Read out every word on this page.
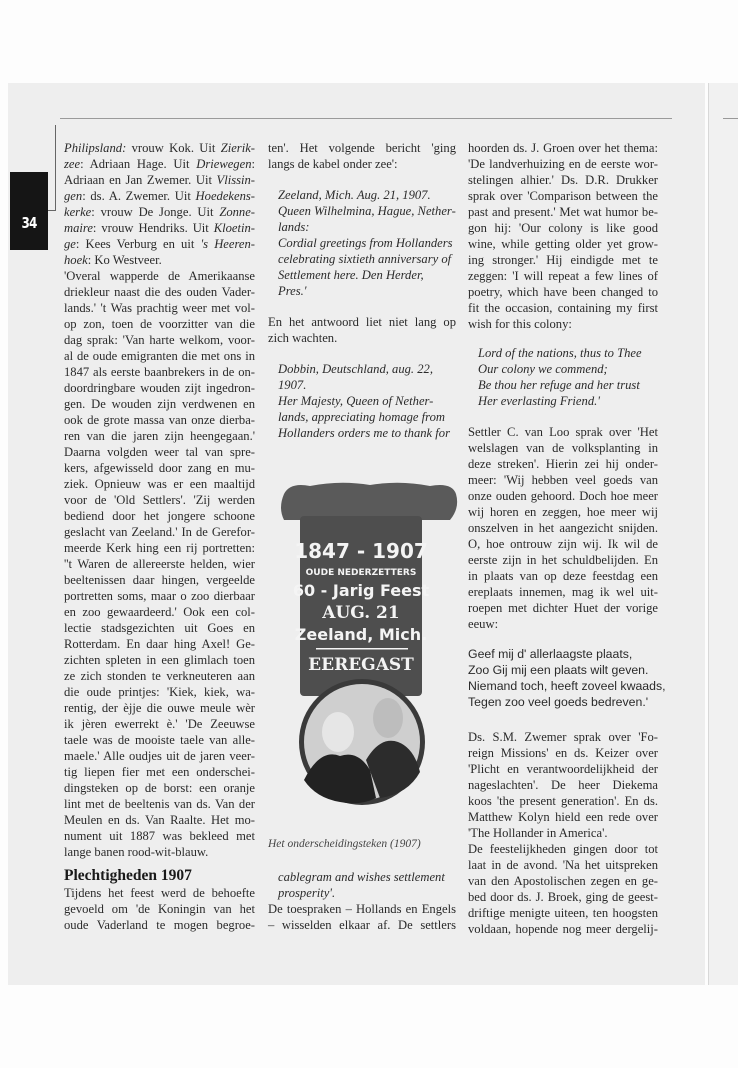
34
Philipsland: vrouw Kok. Uit Zierik-
zee: Adriaan Hage. Uit Driewegen:
Adriaan en Jan Zwemer. Uit Vlissin-
gen: ds. A. Zwemer. Uit Hoedekens-
kerke: vrouw De Jonge. Uit Zonne-
maire: vrouw Hendriks. Uit Kloetin-
ge: Kees Verburg en uit 's Heeren-
hoek: Ko Westveer.
'Overal wapperde de Amerikaanse
driekleur naast die des ouden Vader-
lands.' 't Was prachtig weer met vol-
op zon, toen de voorzitter van die
dag sprak: 'Van harte welkom, voor-
al de oude emigranten die met ons in
1847 als eerste baanbrekers in de on-
doordringbare wouden zijt ingedron-
gen. De wouden zijn verdwenen en
ook de grote massa van onze dierba-
ren van die jaren zijn heengegaan.'
Daarna volgden weer tal van spre-
kers, afgewisseld door zang en mu-
ziek. Opnieuw was er een maaltijd
voor de 'Old Settlers'. 'Zij werden
bediend door het jongere schoone
geslacht van Zeeland.' In de Gerefor-
meerde Kerk hing een rij portretten:
''t Waren de allereerste helden, wier
beeltenissen daar hingen, vergeelde
portretten soms, maar o zoo dierbaar
en zoo gewaardeerd.' Ook een col-
lectie stadsgezichten uit Goes en
Rotterdam. En daar hing Axel! Ge-
zichten spleten in een glimlach toen
ze zich stonden te verkneuteren aan
die oude printjes: 'Kiek, kiek, wa-
rentig, der èjje die ouwe meule wèr
ik jèren ewerrekt è.' 'De Zeeuwse
taele was de mooiste taele van alle-
maele.' Alle oudjes uit de jaren veer-
tig liepen fier met een onderschei-
dingsteken op de borst: een oranje
lint met de beeltenis van ds. Van der
Meulen en ds. Van Raalte. Het mo-
nument uit 1887 was bekleed met
lange banen rood-wit-blauw.
Plechtigheden 1907
Tijdens het feest werd de behoefte
gevoeld om 'de Koningin van het
oude Vaderland te mogen begroe-
ten'. Het volgende bericht 'ging
langs de kabel onder zee':
Zeeland, Mich. Aug. 21, 1907.
Queen Wilhelmina, Hague, Nether-
lands:
Cordial greetings from Hollanders
celebrating sixtieth anniversary of
Settlement here. Den Herder,
Pres.'
En het antwoord liet niet lang op
zich wachten.
Dobbin, Deutschland, aug. 22,
1907.
Her Majesty, Queen of Nether-
lands, appreciating homage from
Hollanders orders me to thank for
1847 - 1907
OUDE NEDERZETTERS
60 - Jarig Feest
AUG. 21
Zeeland, Mich.
EEREGAST
Het onderscheidingsteken (1907)
cablegram and wishes settlement
prosperity'.
De toespraken – Hollands en Engels
– wisselden elkaar af. De settlers
hoorden ds. J. Groen over het thema:
'De landverhuizing en de eerste wor-
stelingen alhier.' Ds. D.R. Drukker
sprak over 'Comparison between the
past and present.' Met wat humor be-
gon hij: 'Our colony is like good
wine, while getting older yet grow-
ing stronger.' Hij eindigde met te
zeggen: 'I will repeat a few lines of
poetry, which have been changed to
fit the occasion, containing my first
wish for this colony:
Lord of the nations, thus to Thee
Our colony we commend;
Be thou her refuge and her trust
Her everlasting Friend.'
Settler C. van Loo sprak over 'Het
welslagen van de volksplanting in
deze streken'. Hierin zei hij onder-
meer: 'Wij hebben veel goeds van
onze ouden gehoord. Doch hoe meer
wij horen en zeggen, hoe meer wij
onszelven in het aangezicht snijden.
O, hoe ontrouw zijn wij. Ik wil de
eerste zijn in het schuldbelijden. En
in plaats van op deze feestdag een
ereplaats innemen, mag ik wel uit-
roepen met dichter Huet der vorige
eeuw:
Geef mij d' allerlaagste plaats,
Zoo Gij mij een plaats wilt geven.
Niemand toch, heeft zoveel kwaads,
Tegen zoo veel goeds bedreven.'
Ds. S.M. Zwemer sprak over 'Fo-
reign Missions' en ds. Keizer over
'Plicht en verantwoordelijkheid der
nageslachten'. De heer Diekema
koos 'the present generation'. En ds.
Matthew Kolyn hield een rede over
'The Hollander in America'.
De feestelijkheden gingen door tot
laat in de avond. 'Na het uitspreken
van den Apostolischen zegen en ge-
bed door ds. J. Broek, ging de geest-
driftige menigte uiteen, ten hoogsten
voldaan, hopende nog meer dergelij-
